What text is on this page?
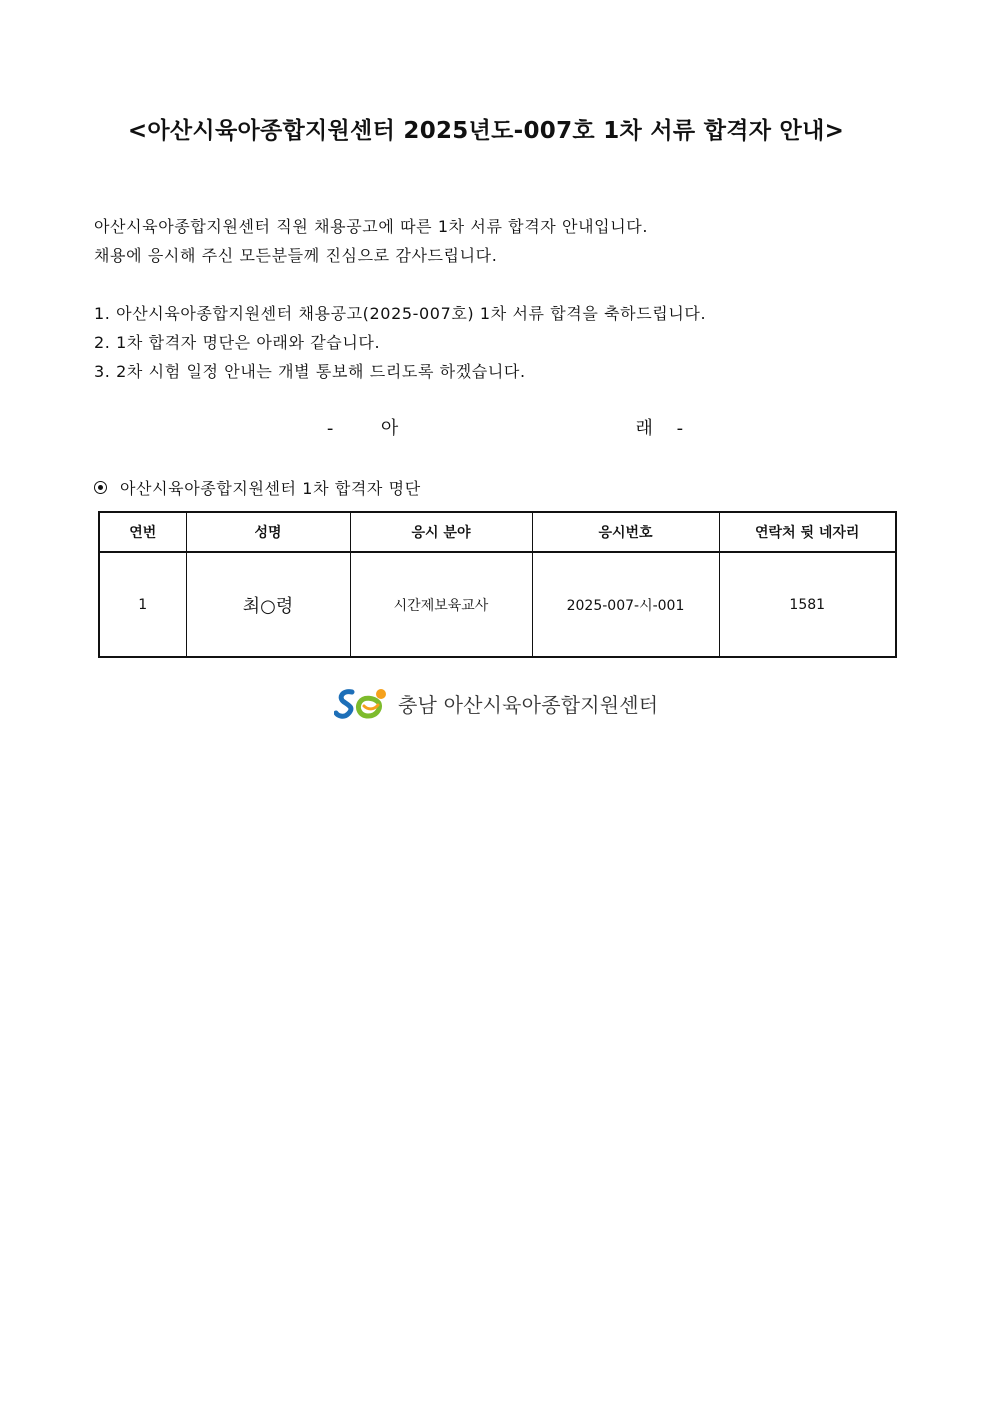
<아산시육아종합지원센터 2025년도-007호 1차 서류 합격자 안내>
아산시육아종합지원센터 직원 채용공고에 따른 1차 서류 합격자 안내입니다.
채용에 응시해 주신 모든분들께 진심으로 감사드립니다.
1. 아산시육아종합지원센터 채용공고(2025-007호) 1차 서류 합격을 축하드립니다.
2. 1차 합격자 명단은 아래와 같습니다.
3. 2차 시험 일정 안내는 개별 통보해 드리도록 하겠습니다.
-  아          래 -
아산시육아종합지원센터 1차 합격자 명단
연번	성명	응시 분야	응시번호	연락처 뒷 네자리
1	최○령	시간제보육교사	2025-007-시-001	1581
충남 아산시육아종합지원센터
